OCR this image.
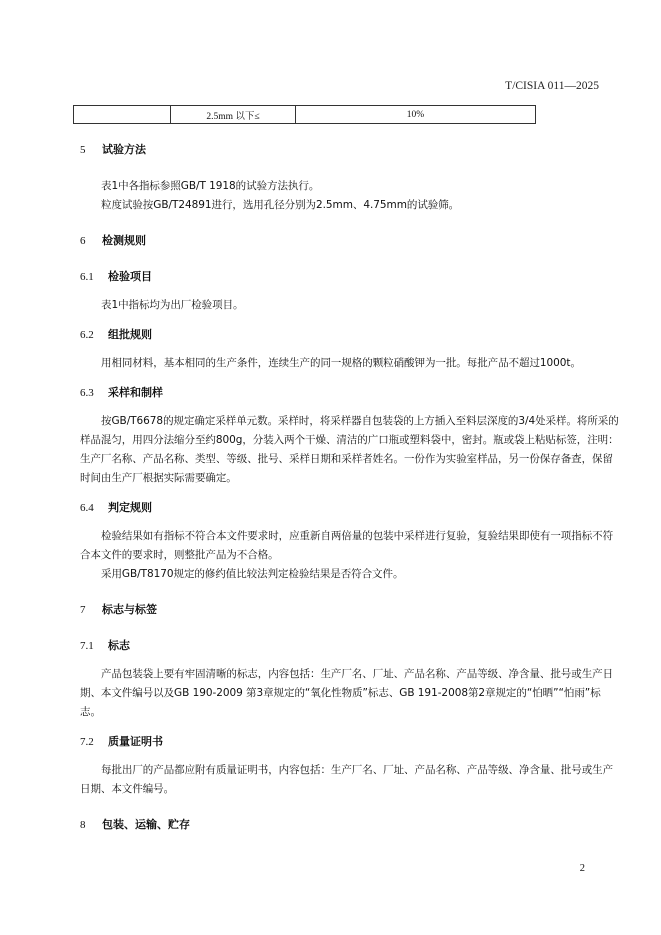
T/CISIA 011—2025
	2.5mm 以下≤	10%
5 试验方法

表1中各指标参照GB/T 1918的试验方法执行。

粒度试验按GB/T24891进行，选用孔径分别为2.5mm、4.75mm的试验筛。

6 检测规则
6.1 检验项目

表1中指标均为出厂检验项目。

6.2 组批规则

用相同材料，基本相同的生产条件，连续生产的同一规格的颗粒硝酸钾为一批。每批产品不超过1000t。

6.3 采样和制样

按GB/T6678的规定确定采样单元数。采样时，将采样器自包装袋的上方插入至料层深度的3/4处采样。将所采的样品混匀，用四分法缩分至约800g，分装入两个干燥、清洁的广口瓶或塑料袋中，密封。瓶或袋上粘贴标签，注明：生产厂名称、产品名称、类型、等级、批号、采样日期和采样者姓名。一份作为实验室样品，另一份保存备查，保留时间由生产厂根据实际需要确定。

6.4 判定规则

检验结果如有指标不符合本文件要求时，应重新自两倍量的包装中采样进行复验，复验结果即使有一项指标不符合本文件的要求时，则整批产品为不合格。

采用GB/T8170规定的修约值比较法判定检验结果是否符合文件。

7 标志与标签
7.1 标志

产品包装袋上要有牢固清晰的标志，内容包括：生产厂名、厂址、产品名称、产品等级、净含量、批号或生产日期、本文件编号以及GB 190-2009 第3章规定的“氧化性物质”标志、GB 191-2008第2章规定的“怕晒”“怕雨”标志。

7.2 质量证明书

每批出厂的产品都应附有质量证明书，内容包括：生产厂名、厂址、产品名称、产品等级、净含量、批号或生产日期、本文件编号。

8 包装、运输、贮存
2
